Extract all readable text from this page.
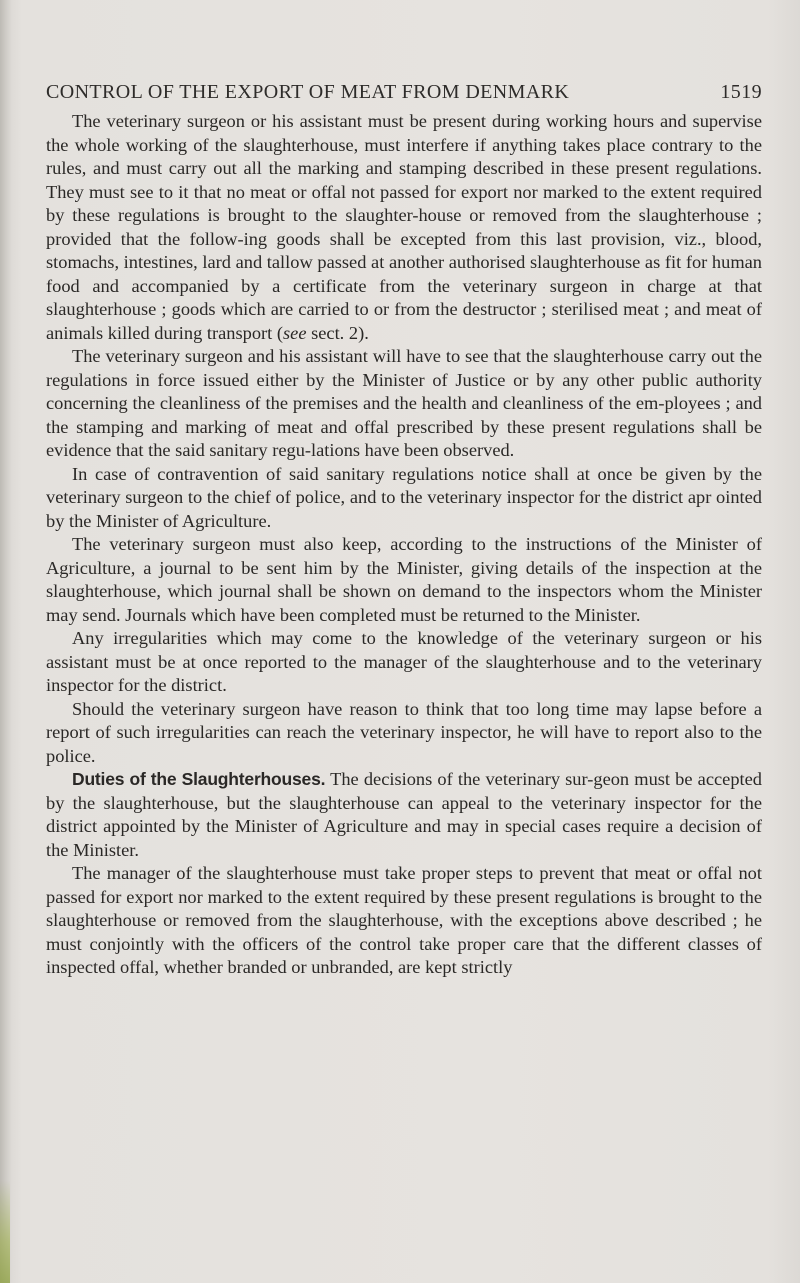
CONTROL OF THE EXPORT OF MEAT FROM DENMARK	1519

The veterinary surgeon or his assistant must be present during working hours and supervise the whole working of the slaughterhouse, must interfere if anything takes place contrary to the rules, and must carry out all the marking and stamping described in these present regulations. They must see to it that no meat or offal not passed for export nor marked to the extent required by these regulations is brought to the slaughter-house or removed from the slaughterhouse ; provided that the follow-ing goods shall be excepted from this last provision, viz., blood, stomachs, intestines, lard and tallow passed at another authorised slaughterhouse as fit for human food and accompanied by a certificate from the veterinary surgeon in charge at that slaughterhouse ; goods which are carried to or from the destructor ; sterilised meat ; and meat of animals killed during transport (see sect. 2).

The veterinary surgeon and his assistant will have to see that the slaughterhouse carry out the regulations in force issued either by the Minister of Justice or by any other public authority concerning the cleanliness of the premises and the health and cleanliness of the em-ployees ; and the stamping and marking of meat and offal prescribed by these present regulations shall be evidence that the said sanitary regu-lations have been observed.

In case of contravention of said sanitary regulations notice shall at once be given by the veterinary surgeon to the chief of police, and to the veterinary inspector for the district apr ointed by the Minister of Agriculture.

The veterinary surgeon must also keep, according to the instructions of the Minister of Agriculture, a journal to be sent him by the Minister, giving details of the inspection at the slaughterhouse, which journal shall be shown on demand to the inspectors whom the Minister may send. Journals which have been completed must be returned to the Minister.

Any irregularities which may come to the knowledge of the veterinary surgeon or his assistant must be at once reported to the manager of the slaughterhouse and to the veterinary inspector for the district.

Should the veterinary surgeon have reason to think that too long time may lapse before a report of such irregularities can reach the veterinary inspector, he will have to report also to the police.

Duties of the Slaughterhouses. The decisions of the veterinary sur-geon must be accepted by the slaughterhouse, but the slaughterhouse can appeal to the veterinary inspector for the district appointed by the Minister of Agriculture and may in special cases require a decision of the Minister.

The manager of the slaughterhouse must take proper steps to prevent that meat or offal not passed for export nor marked to the extent required by these present regulations is brought to the slaughterhouse or removed from the slaughterhouse, with the exceptions above described ; he must conjointly with the officers of the control take proper care that the different classes of inspected offal, whether branded or unbranded, are kept strictly
